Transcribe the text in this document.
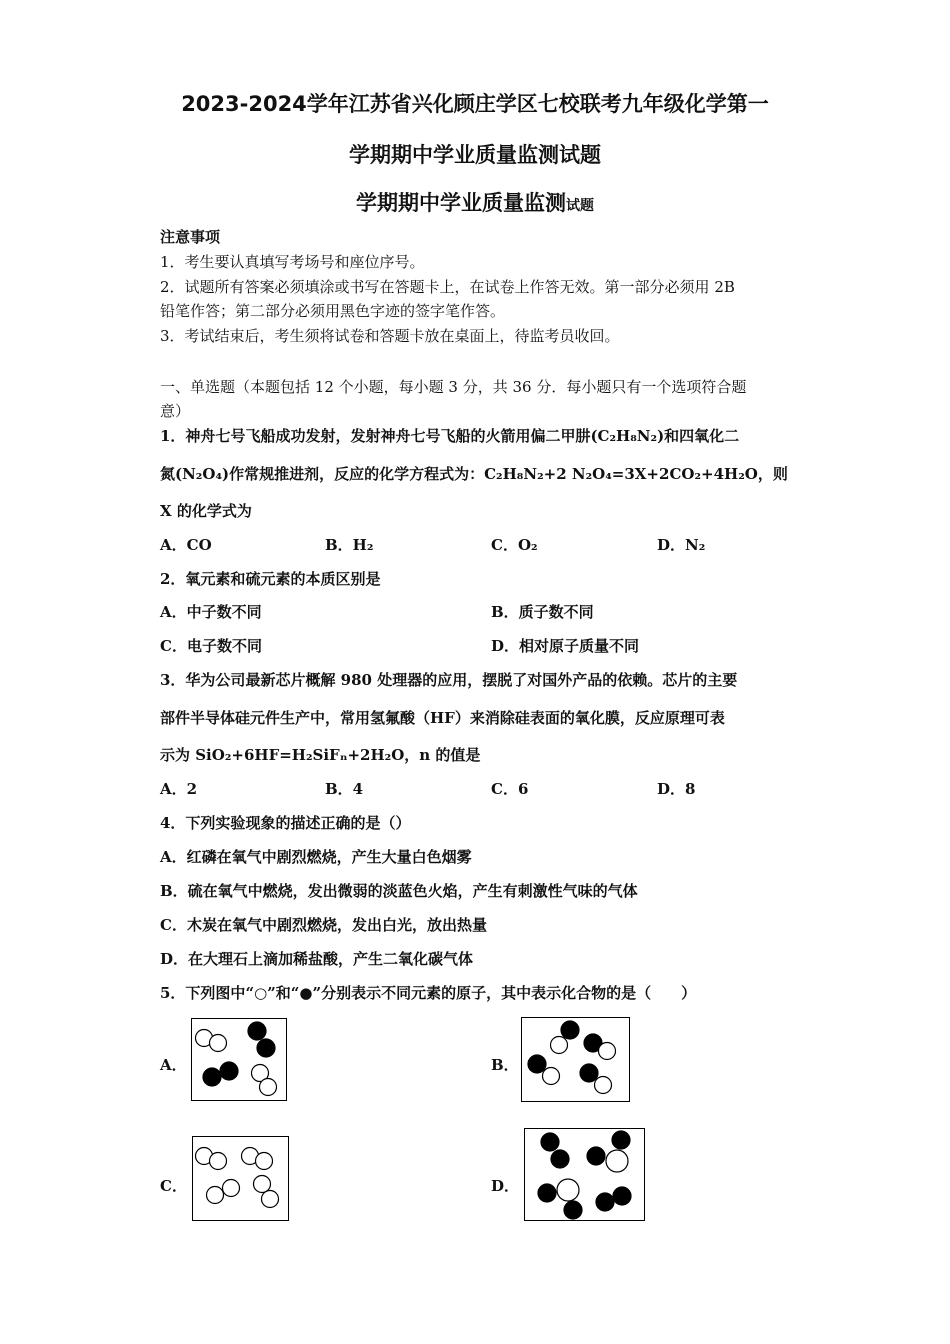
2023-2024学年江苏省兴化顾庄学区七校联考九年级化学第一
学期期中学业质量监测试题
学期期中学业质量监测试题
注意事项
1．考生要认真填写考场号和座位序号。
2．试题所有答案必须填涂或书写在答题卡上，在试卷上作答无效。第一部分必须用 2B
铅笔作答；第二部分必须用黑色字迹的签字笔作答。
3．考试结束后，考生须将试卷和答题卡放在桌面上，待监考员收回。
一、单选题（本题包括 12 个小题，每小题 3 分，共 36 分．每小题只有一个选项符合题
意）
1．神舟七号飞船成功发射，发射神舟七号飞船的火箭用偏二甲肼(C₂H₈N₂)和四氧化二
氮(N₂O₄)作常规推进剂，反应的化学方程式为：C₂H₈N₂+2 N₂O₄=3X+2CO₂+4H₂O，则
X 的化学式为
A．CO	B．H₂	C．O₂	D．N₂
2．氧元素和硫元素的本质区别是
A．中子数不同	B．质子数不同
C．电子数不同	D．相对原子质量不同
3．华为公司最新芯片概解 980 处理器的应用，摆脱了对国外产品的依赖。芯片的主要
部件半导体硅元件生产中，常用氢氟酸（HF）来消除硅表面的氧化膜，反应原理可表
示为 SiO₂+6HF=H₂SiFₙ+2H₂O，n 的值是
A．2	B．4	C．6	D．8
4．下列实验现象的描述正确的是（）
A．红磷在氧气中剧烈燃烧，产生大量白色烟雾
B．硫在氧气中燃烧，发出微弱的淡蓝色火焰，产生有刺激性气味的气体
C．木炭在氧气中剧烈燃烧，发出白光，放出热量
D．在大理石上滴加稀盐酸，产生二氧化碳气体
5．下列图中“○”和“●”分别表示不同元素的原子，其中表示化合物的是（　　）
A．	B．
C．	D．
